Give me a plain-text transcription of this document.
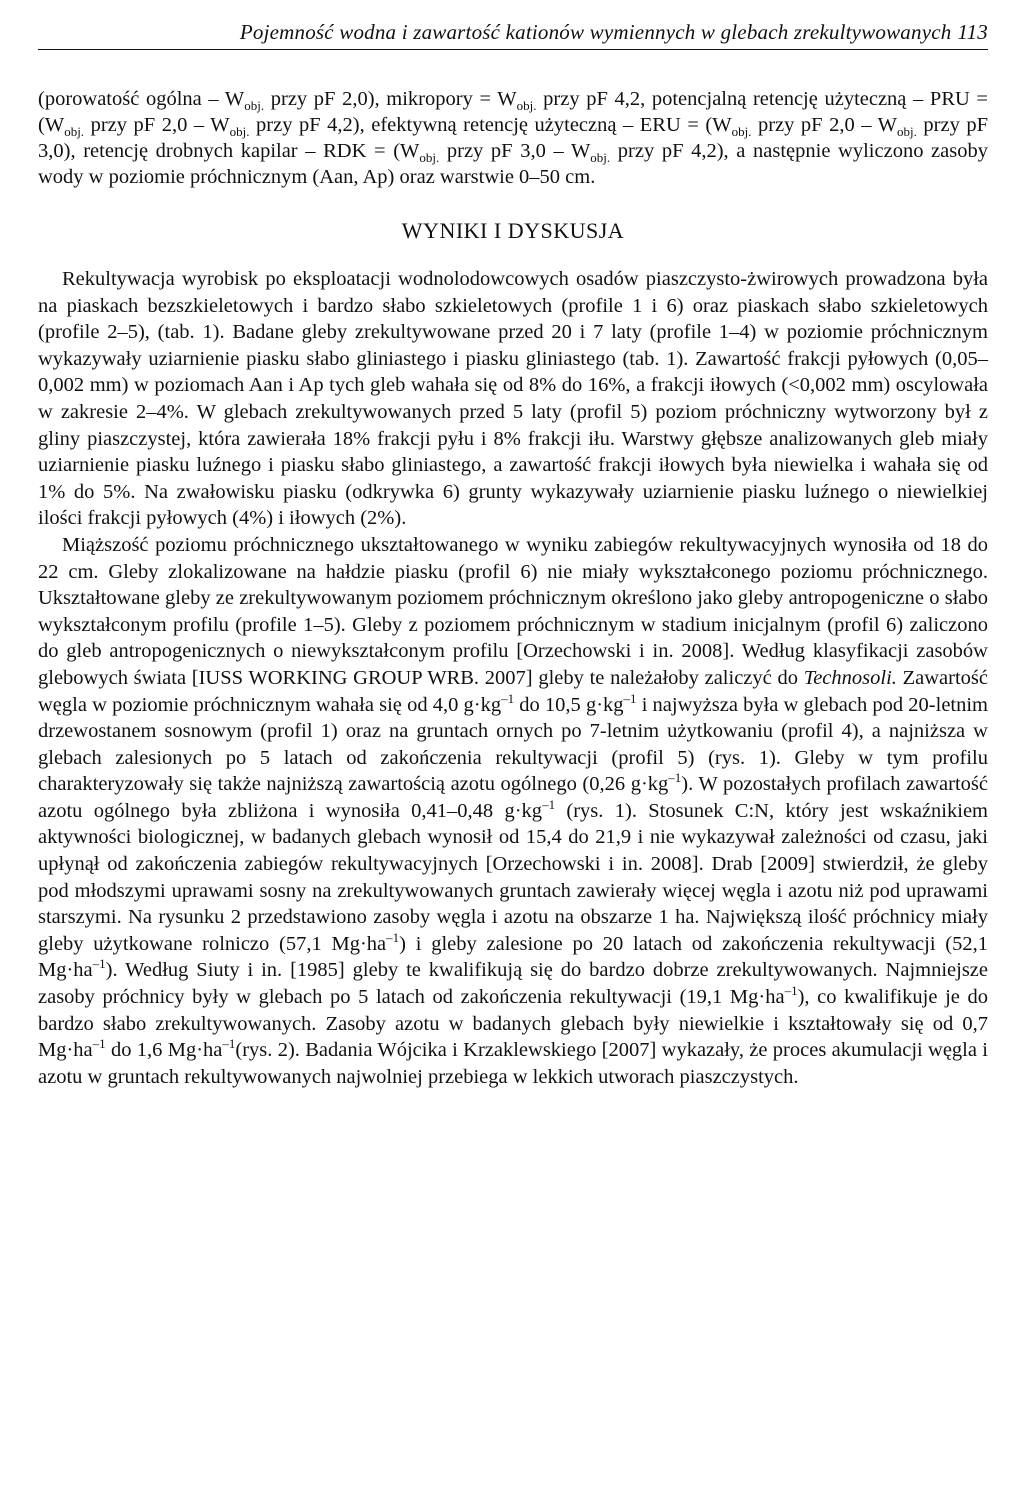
Pojemność wodna i zawartość kationów wymiennych w glebach zrekultywowanych 113

(porowatość ogólna – $W_{obj.}$ przy pF 2,0), mikropory = $W_{obj.}$ przy pF 4,2, potencjalną retencję użyteczną – PRU = ($W_{obj.}$ przy pF $2,0 - W_{obj.}$ przy pF 4,2), efektywną retencję użyteczną – ERU = ($W_{obj.}$ przy pF $2,0 - W_{obj.}$ przy pF 3,0), retencję drobnych kapilar – RDK = ($W_{obj.}$ przy pF $3,0 - W_{obj.}$ przy pF 4,2), a następnie wyliczono zasoby wody w poziomie próchnicznym (Aan, Ap) oraz warstwie 0–50 cm.

WYNIKI I DYSKUSJA

Rekultywacja wyrobisk po eksploatacji wodnolodowcowych osadów piaszczysto-żwirowych prowadzona była na piaskach bezszkieletowych i bardzo słabo szkieletowych (profile 1 i 6) oraz piaskach słabo szkieletowych (profile 2–5), (tab. 1). Badane gleby zrekultywowane przed 20 i 7 laty (profile 1–4) w poziomie próchnicznym wykazywały uziarnienie piasku słabo gliniastego i piasku gliniastego (tab. 1). Zawartość frakcji pyłowych (0,05–0,002 mm) w poziomach Aan i Ap tych gleb wahała się od 8% do 16%, a frakcji iłowych (<0,002 mm) oscylowała w zakresie 2–4%. W glebach zrekultywowanych przed 5 laty (profil 5) poziom próchniczny wytworzony był z gliny piaszczystej, która zawierała 18% frakcji pyłu i 8% frakcji iłu. Warstwy głębsze analizowanych gleb miały uziarnienie piasku luźnego i piasku słabo gliniastego, a zawartość frakcji iłowych była niewielka i wahała się od 1% do 5%. Na zwałowisku piasku (odkrywka 6) grunty wykazywały uziarnienie piasku luźnego o niewielkiej ilości frakcji pyłowych (4%) i iłowych (2%).

Miąższość poziomu próchnicznego ukształtowanego w wyniku zabiegów rekultywacyjnych wynosiła od 18 do 22 cm. Gleby zlokalizowane na hałdzie piasku (profil 6) nie miały wykształconego poziomu próchnicznego. Ukształtowane gleby ze zrekultywowanym poziomem próchnicznym określono jako gleby antropogeniczne o słabo wykształconym profilu (profile 1–5). Gleby z poziomem próchnicznym w stadium inicjalnym (profil 6) zaliczono do gleb antropogenicznych o niewykształconym profilu [Orzechowski i in. 2008]. Według klasyfikacji zasobów glebowych świata [IUSS WORKING GROUP WRB. 2007] gleby te należałoby zaliczyć do Technosoli. Zawartość węgla w poziomie próchnicznym wahała się od 4,0 $g\cdot kg^{-1}$ do 10,5 $g\cdot kg^{-1}$ i najwyższa była w glebach pod 20-letnim drzewostanem sosnowym (profil 1) oraz na gruntach ornych po 7-letnim użytkowaniu (profil 4), a najniższa w glebach zalesionych po 5 latach od zakończenia rekultywacji (profil 5) (rys. 1). Gleby w tym profilu charakteryzowały się także najniższą zawartością azotu ogólnego (0,26 $g\cdot kg^{-1}$). W pozostałych profilach zawartość azotu ogólnego była zbliżona i wynosiła 0,41–0,48 $g\cdot kg^{-1}$ (rys. 1). Stosunek C:N, który jest wskaźnikiem aktywności biologicznej, w badanych glebach wynosił od 15,4 do 21,9 i nie wykazywał zależności od czasu, jaki upłynął od zakończenia zabiegów rekultywacyjnych [Orzechowski i in. 2008]. Drab [2009] stwierdził, że gleby pod młodszymi uprawami sosny na zrekultywowanych gruntach zawierały więcej węgla i azotu niż pod uprawami starszymi. Na rysunku 2 przedstawiono zasoby węgla i azotu na obszarze 1 ha. Największą ilość próchnicy miały gleby użytkowane rolniczo (57,1 $Mg\cdot ha^{-1}$) i gleby zalesione po 20 latach od zakończenia rekultywacji (52,1 $Mg\cdot ha^{-1}$). Według Siuty i in. [1985] gleby te kwalifikują się do bardzo dobrze zrekultywowanych. Najmniejsze zasoby próchnicy były w glebach po 5 latach od zakończenia rekultywacji (19,1 $Mg\cdot ha^{-1}$), co kwalifikuje je do bardzo słabo zrekultywowanych. Zasoby azotu w badanych glebach były niewielkie i kształtowały się od 0,7 $Mg\cdot ha^{-1}$ do 1,6 $Mg\cdot ha^{-1}(rys$. 2). Badania Wójcika i Krzaklewskiego [2007] wykazały, że proces akumulacji węgla i azotu w gruntach rekultywowanych najwolniej przebiega w lekkich utworach piaszczystych.
